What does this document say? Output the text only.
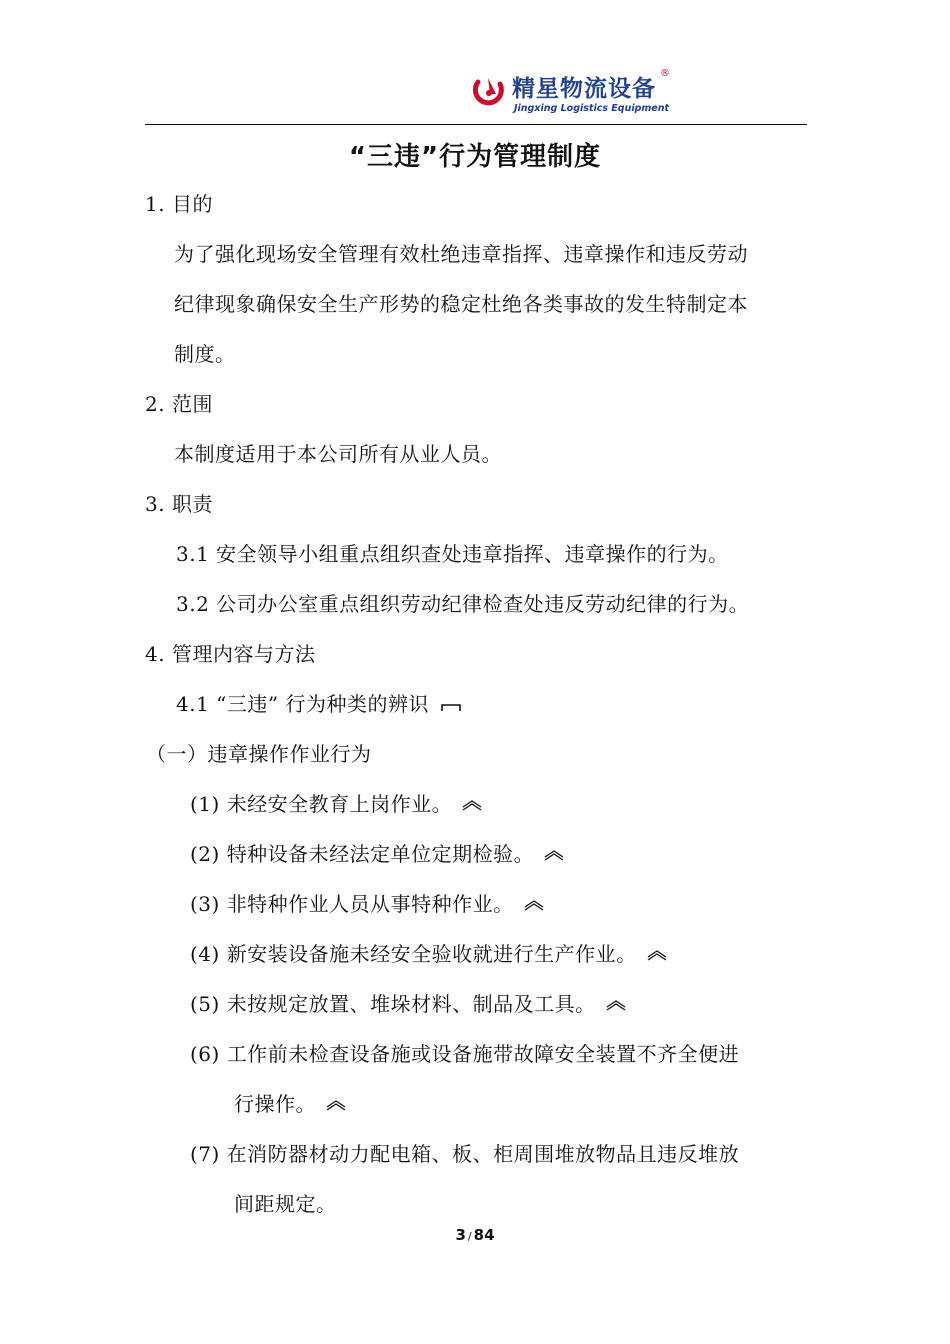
精星物流设备
®
Jingxing Logistics Equipment
“三违”行为管理制度
1. 目的
为了强化现场安全管理有效杜绝违章指挥、违章操作和违反劳动
纪律现象确保安全生产形势的稳定杜绝各类事故的发生特制定本
制度。
2. 范围
本制度适用于本公司所有从业人员。
3. 职责
3.1 安全领导小组重点组织查处违章指挥、违章操作的行为。
3.2 公司办公室重点组织劳动纪律检查处违反劳动纪律的行为。
4. 管理内容与方法
4.1 “三违” 行为种类的辨识
（一）违章操作作业行为
(1) 未经安全教育上岗作业。
(2) 特种设备未经法定单位定期检验。
(3) 非特种作业人员从事特种作业。
(4) 新安装设备施未经安全验收就进行生产作业。
(5) 未按规定放置、堆垛材料、制品及工具。
(6) 工作前未检查设备施或设备施带故障安全装置不齐全便进
行操作。
(7) 在消防器材动力配电箱、板、柜周围堆放物品且违反堆放
间距规定。
3 / 84
